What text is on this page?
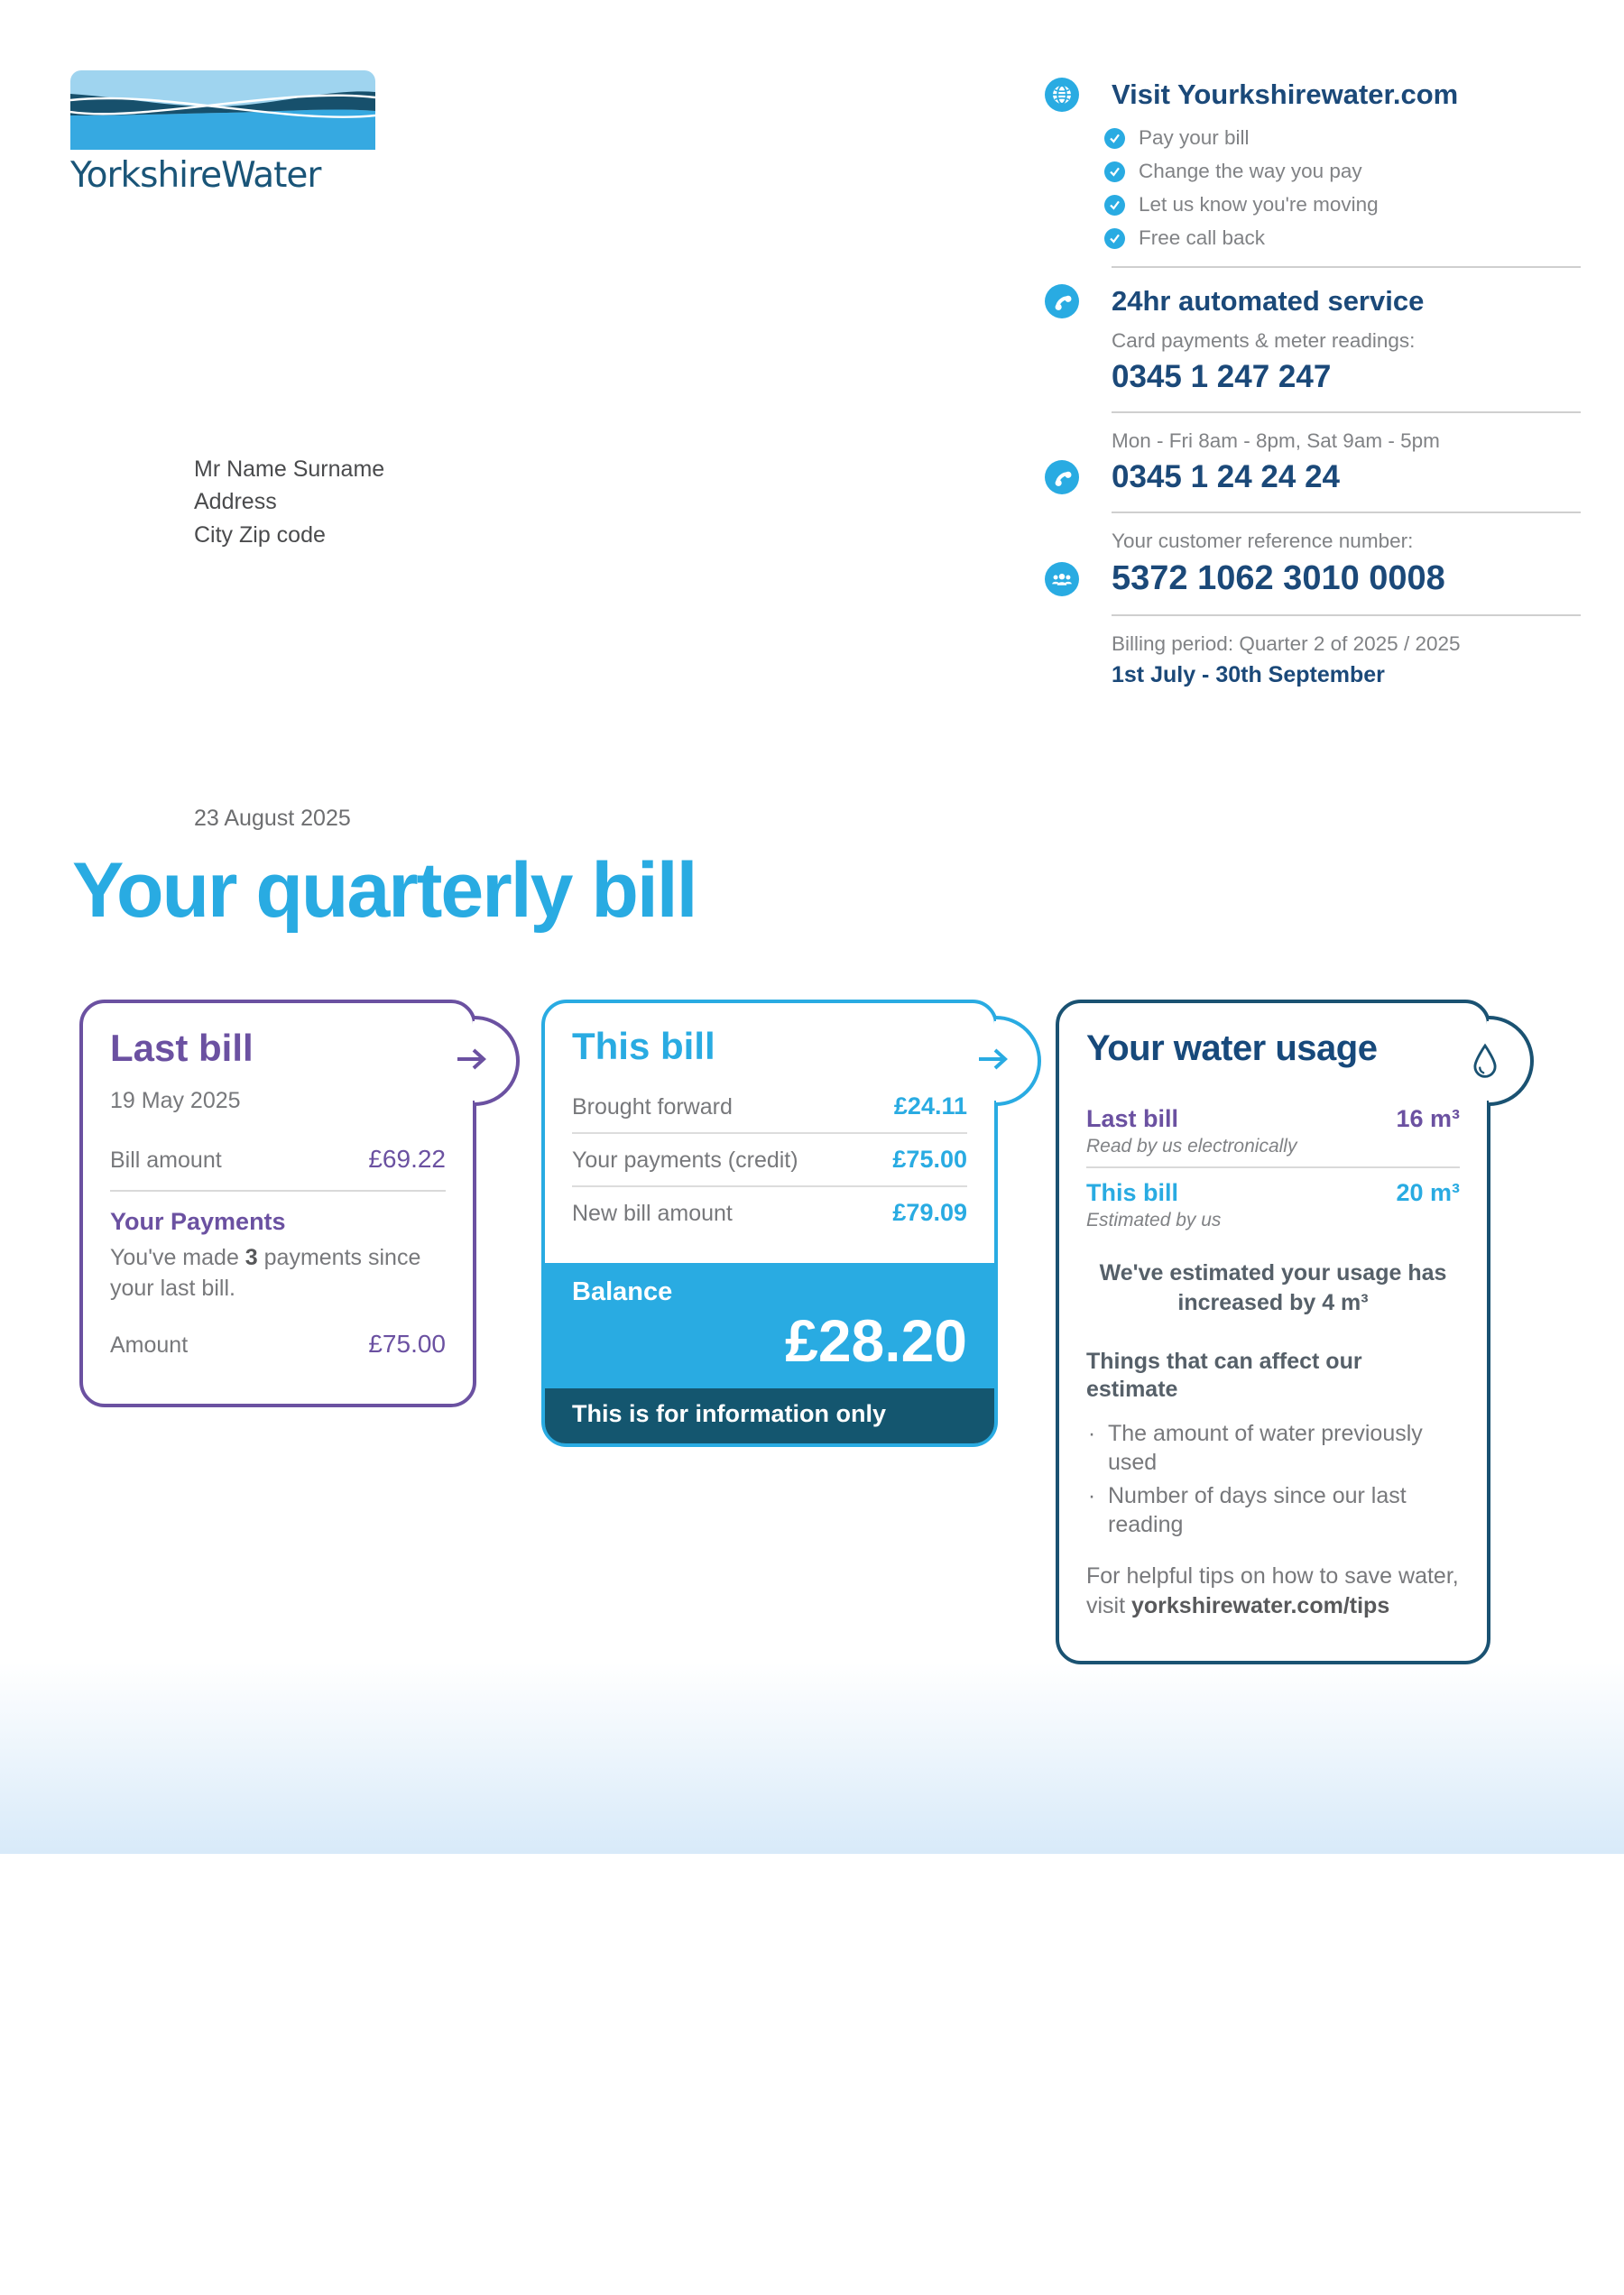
YorkshireWater
Visit Yourkshirewater.com
Pay your bill
Change the way you pay
Let us know you're moving
Free call back
24hr automated service
Card payments & meter readings:
0345 1 247 247
Mon - Fri 8am - 8pm, Sat 9am - 5pm
0345 1 24 24 24
Your customer reference number:
5372 1062 3010 0008
Billing period: Quarter 2 of 2025 / 2025
1st July - 30th September
Mr Name Surname
Address
City Zip code
23 August 2025
Your quarterly bill
Last bill
19 May 2025
Bill amount	£69.22
Your Payments
You've made 3 payments since your last bill.
Amount	£75.00
This bill
Brought forward	£24.11
Your payments (credit)	£75.00
New bill amount	£79.09
Balance
£28.20
This is for information only
Your water usage
Last bill	16 m³
Read by us electronically
This bill	20 m³
Estimated by us
We've estimated your usage has increased by 4 m³
Things that can affect our estimate
· The amount of water previously used
· Number of days since our last reading
For helpful tips on how to save water, visit yorkshirewater.com/tips
